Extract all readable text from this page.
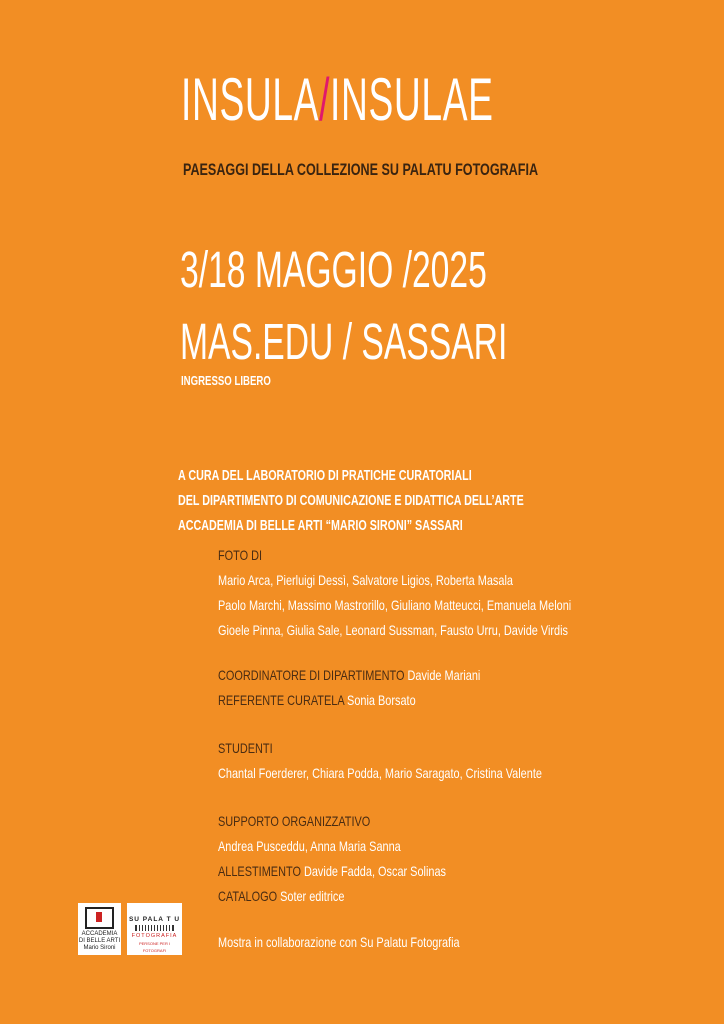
INSULA/INSULAE
PAESAGGI DELLA COLLEZIONE SU PALATU FOTOGRAFIA
3/18 MAGGIO /2025
MAS.EDU / SASSARI
INGRESSO LIBERO
A CURA DEL LABORATORIO DI PRATICHE CURATORIALI
DEL DIPARTIMENTO DI COMUNICAZIONE E DIDATTICA DELL’ARTE
ACCADEMIA DI BELLE ARTI “MARIO SIRONI” SASSARI
FOTO DI
Mario Arca, Pierluigi Dessì, Salvatore Ligios, Roberta Masala
Paolo Marchi, Massimo Mastrorillo, Giuliano Matteucci, Emanuela Meloni
Gioele Pinna, Giulia Sale, Leonard Sussman, Fausto Urru, Davide Virdis
COORDINATORE DI DIPARTIMENTO Davide Mariani
REFERENTE CURATELA Sonia Borsato
STUDENTI
Chantal Foerderer, Chiara Podda, Mario Saragato, Cristina Valente
SUPPORTO ORGANIZZATIVO
Andrea Pusceddu, Anna Maria Sanna
ALLESTIMENTO Davide Fadda, Oscar Solinas
CATALOGO Soter editrice
Mostra in collaborazione con Su Palatu Fotografia
ACCADEMIA
DI BELLE ARTI
Mario Sironi
SU PALA T U
FOTOGRAFIA
PERSONE PER I FOTOGRAFI
